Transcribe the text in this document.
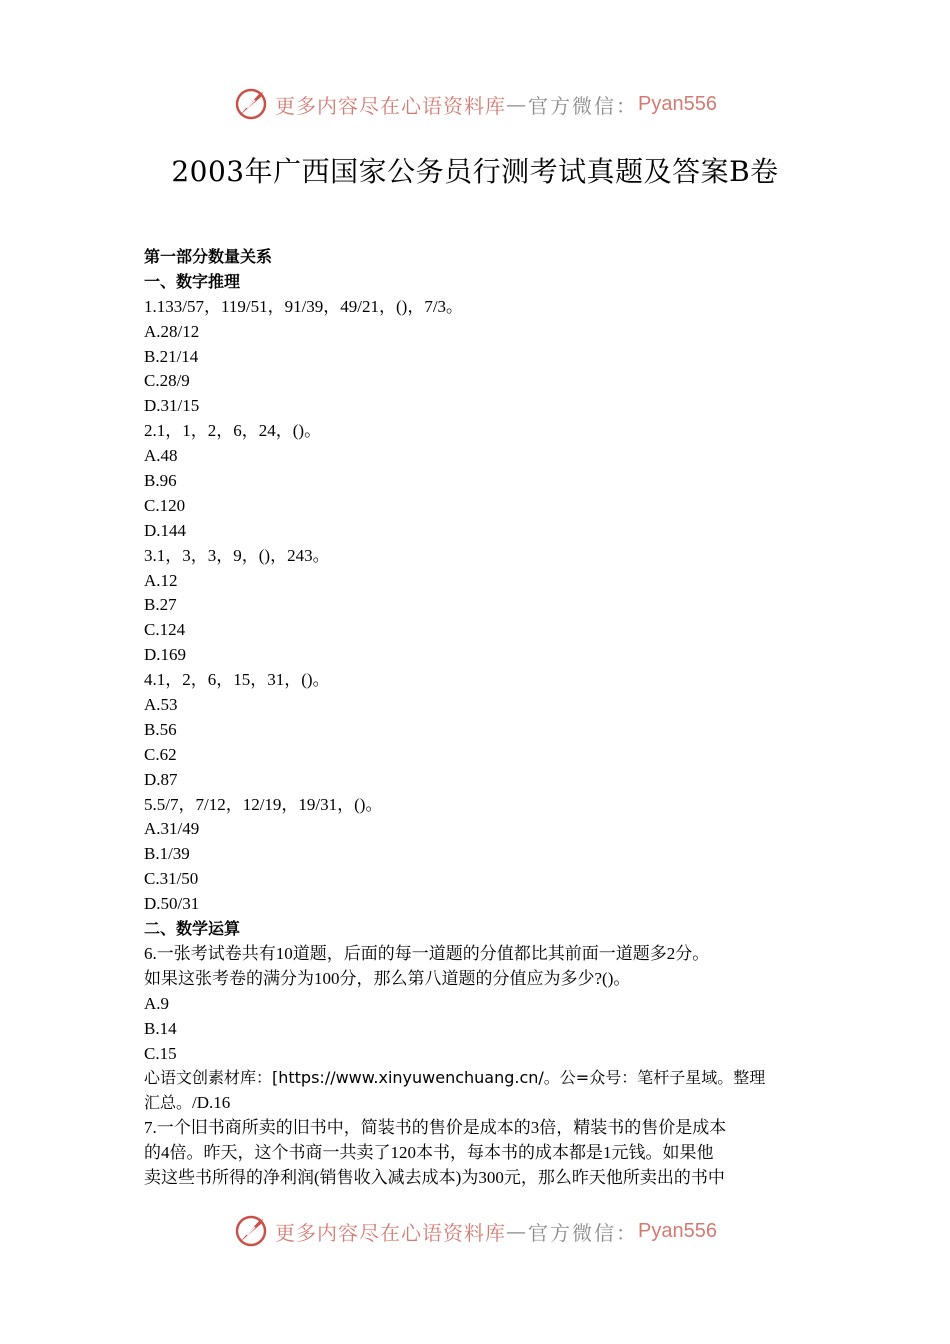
更多内容尽在心语资料库 — 官方微信： Pyan556
2003年广西国家公务员行测考试真题及答案B卷
第一部分数量关系
一、数字推理
1.133/57，119/51，91/39，49/21，()，7/3。
A.28/12
B.21/14
C.28/9
D.31/15
2.1，1，2，6，24，()。
A.48
B.96
C.120
D.144
3.1，3，3，9，()，243。
A.12
B.27
C.124
D.169
4.1，2，6，15，31，()。
A.53
B.56
C.62
D.87
5.5/7，7/12，12/19，19/31，()。
A.31/49
B.1/39
C.31/50
D.50/31
二、数学运算
6.一张考试卷共有10道题，后面的每一道题的分值都比其前面一道题多2分。
如果这张考卷的满分为100分，那么第八道题的分值应为多少?()。
A.9
B.14
C.15
心语文创素材库：[https://www.xinyuwenchuang.cn/。公=众号：笔杆子星域。整理
汇总。/D.16
7.一个旧书商所卖的旧书中，简装书的售价是成本的3倍，精装书的售价是成本
的4倍。昨天，这个书商一共卖了120本书，每本书的成本都是1元钱。如果他
卖这些书所得的净利润(销售收入减去成本)为300元，那么昨天他所卖出的书中
更多内容尽在心语资料库 — 官方微信： Pyan556
